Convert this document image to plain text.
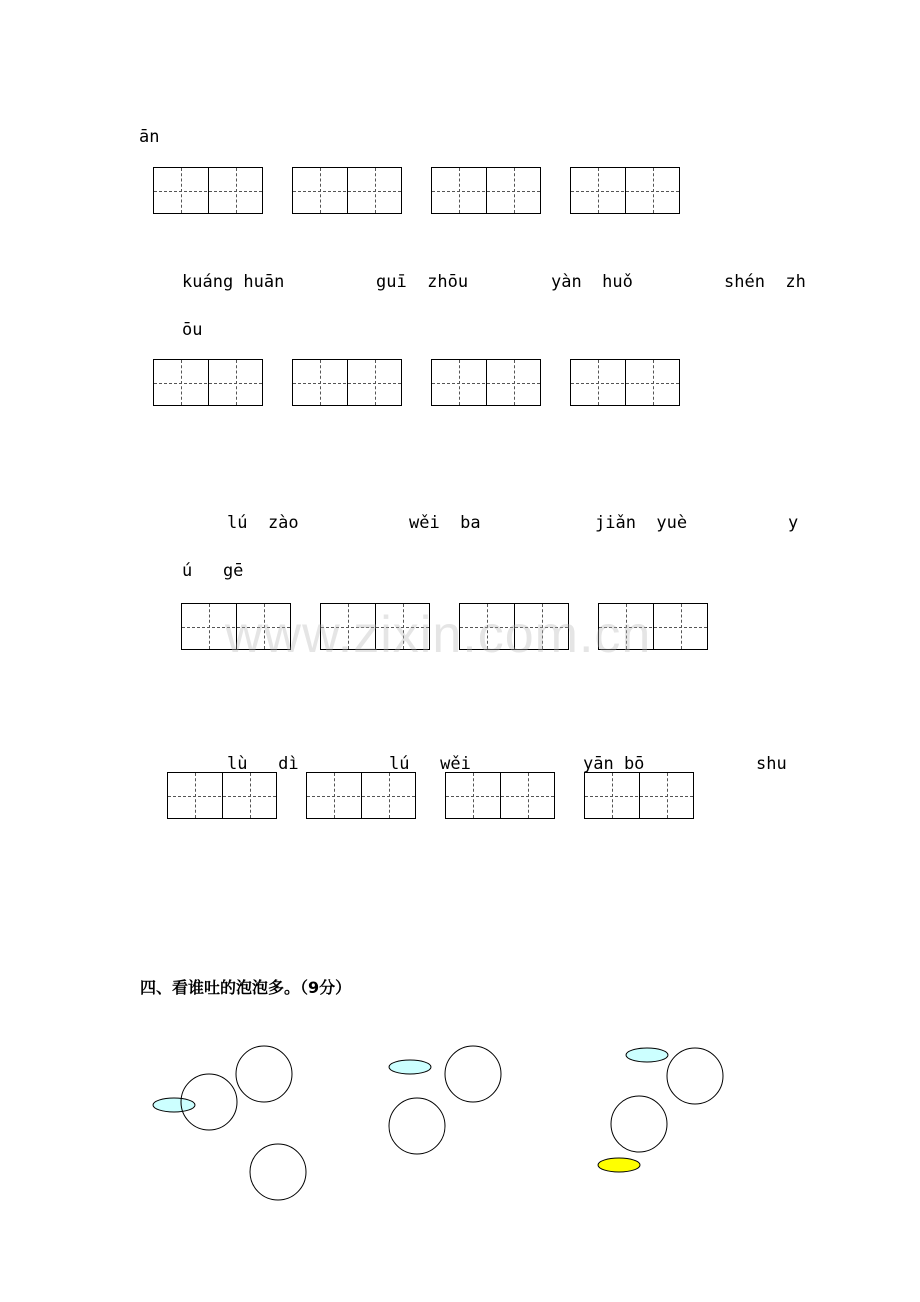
ān
kuáng huān	guī  zhōu	yàn  huǒ	shén  zh
ōu
lú  zào	wěi  ba	jiǎn  yuè	y
ú   gē
www.zixin.com.cn
lù   dì	lú   wěi	yān bō	shu
四、看谁吐的泡泡多。（9分）
